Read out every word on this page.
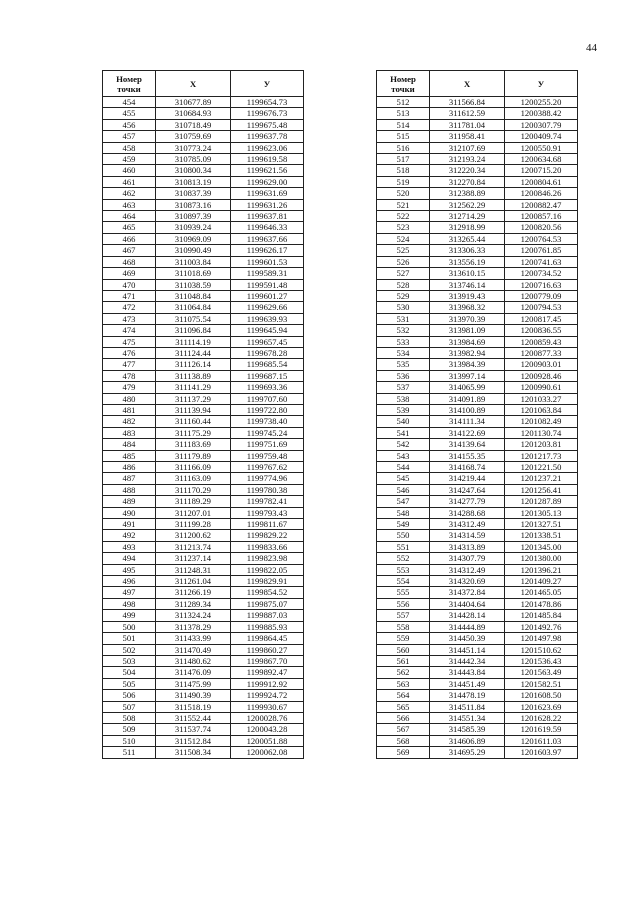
44
Номер
точки	X	У
454	310677.89	1199654.73
455	310684.93	1199676.73
456	310718.49	1199675.48
457	310759.69	1199637.78
458	310773.24	1199623.06
459	310785.09	1199619.58
460	310800.34	1199621.56
461	310813.19	1199629.00
462	310837.39	1199631.69
463	310873.16	1199631.26
464	310897.39	1199637.81
465	310939.24	1199646.33
466	310969.09	1199637.66
467	310990.49	1199626.17
468	311003.84	1199601.53
469	311018.69	1199589.31
470	311038.59	1199591.48
471	311048.84	1199601.27
472	311064.84	1199629.66
473	311075.54	1199639.93
474	311096.84	1199645.94
475	311114.19	1199657.45
476	311124.44	1199678.28
477	311126.14	1199685.54
478	311138.89	1199687.15
479	311141.29	1199693.36
480	311137.29	1199707.60
481	311139.94	1199722.80
482	311160.44	1199738.40
483	311175.29	1199745.24
484	311183.69	1199751.69
485	311179.89	1199759.48
486	311166.09	1199767.62
487	311163.09	1199774.96
488	311170.29	1199780.38
489	311189.29	1199782.41
490	311207.01	1199793.43
491	311199.28	1199811.67
492	311200.62	1199829.22
493	311213.74	1199833.66
494	311237.14	1199823.98
495	311248.31	1199822.05
496	311261.04	1199829.91
497	311266.19	1199854.52
498	311289.34	1199875.07
499	311324.24	1199887.03
500	311378.29	1199885.93
501	311433.99	1199864.45
502	311470.49	1199860.27
503	311480.62	1199867.70
504	311476.09	1199892.47
505	311475.99	1199912.92
506	311490.39	1199924.72
507	311518.19	1199930.67
508	311552.44	1200028.76
509	311537.74	1200043.28
510	311512.84	1200051.88
511	311508.34	1200062.08
Номер
точки	X	У
512	311566.84	1200255.20
513	311612.59	1200388.42
514	311781.04	1200307.79
515	311958.41	1200409.74
516	312107.69	1200550.91
517	312193.24	1200634.68
518	312220.34	1200715.20
519	312270.84	1200804.61
520	312388.89	1200846.26
521	312562.29	1200882.47
522	312714.29	1200857.16
523	312918.99	1200820.56
524	313265.44	1200764.53
525	313306.33	1200761.85
526	313556.19	1200741.63
527	313610.15	1200734.52
528	313746.14	1200716.63
529	313919.43	1200779.09
530	313968.32	1200794.53
531	313970.39	1200817.45
532	313981.09	1200836.55
533	313984.69	1200859.43
534	313982.94	1200877.33
535	313984.39	1200903.01
536	313997.14	1200928.46
537	314065.99	1200990.61
538	314091.89	1201033.27
539	314100.89	1201063.84
540	314111.34	1201082.49
541	314122.69	1201130.74
542	314139.64	1201203.81
543	314155.35	1201217.73
544	314168.74	1201221.50
545	314219.44	1201237.21
546	314247.64	1201256.41
547	314277.79	1201287.89
548	314288.68	1201305.13
549	314312.49	1201327.51
550	314314.59	1201338.51
551	314313.89	1201345.00
552	314307.79	1201380.00
553	314312.49	1201396.21
554	314320.69	1201409.27
555	314372.84	1201465.05
556	314404.64	1201478.86
557	314428.14	1201485.84
558	314444.89	1201492.76
559	314450.39	1201497.98
560	314451.14	1201510.62
561	314442.34	1201536.43
562	314443.84	1201563.49
563	314451.49	1201582.51
564	314478.19	1201608.50
565	314511.84	1201623.69
566	314551.34	1201628.22
567	314585.39	1201619.59
568	314606.89	1201611.03
569	314695.29	1201603.97
